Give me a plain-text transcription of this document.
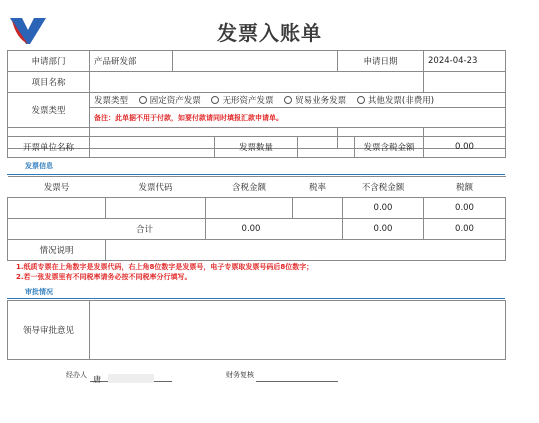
发票入账单
申请部门	产品研发部		申请日期	2024-04-23
项目名称				
发票类型	发票类型 固定资产发票 无形资产发票 贸易业务发票 其他发票(非费用)			
	备注：此单据不用于付款，如要付款请同时填报汇款申请单。			

开票单位名称		发票数量		发票含税金额	0.00
发票信息
发票号	发票代码	含税金额	税率	不含税金额	税额
				0.00	0.00
合计		0.00		0.00	0.00
情况说明					
1.纸质专票在上角数字是发票代码，右上角8位数字是发票号，电子专票取发票号码后8位数字；
2.若一张发票里有不同税率请务必按不同税率分行填写。
审批情况
领导审批意见	
经办人 唐	财务复核
